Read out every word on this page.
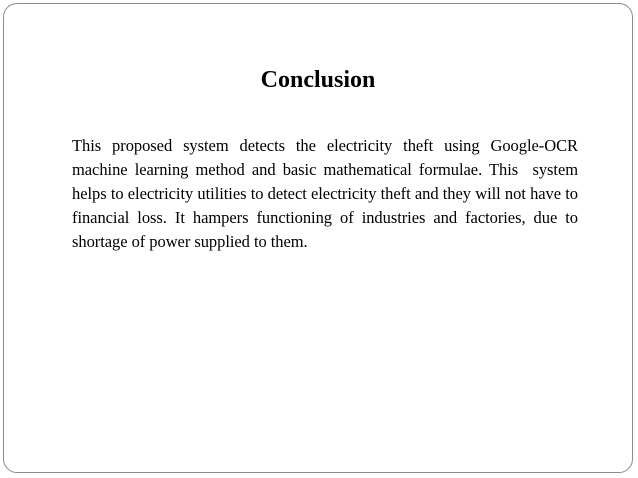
Conclusion

This proposed system detects the electricity theft using Google-OCR machine learning method and basic mathematical formulae. This  system helps to electricity utilities to detect electricity theft and they will not have to financial loss. It hampers functioning of industries and factories, due to shortage of power supplied to them.
